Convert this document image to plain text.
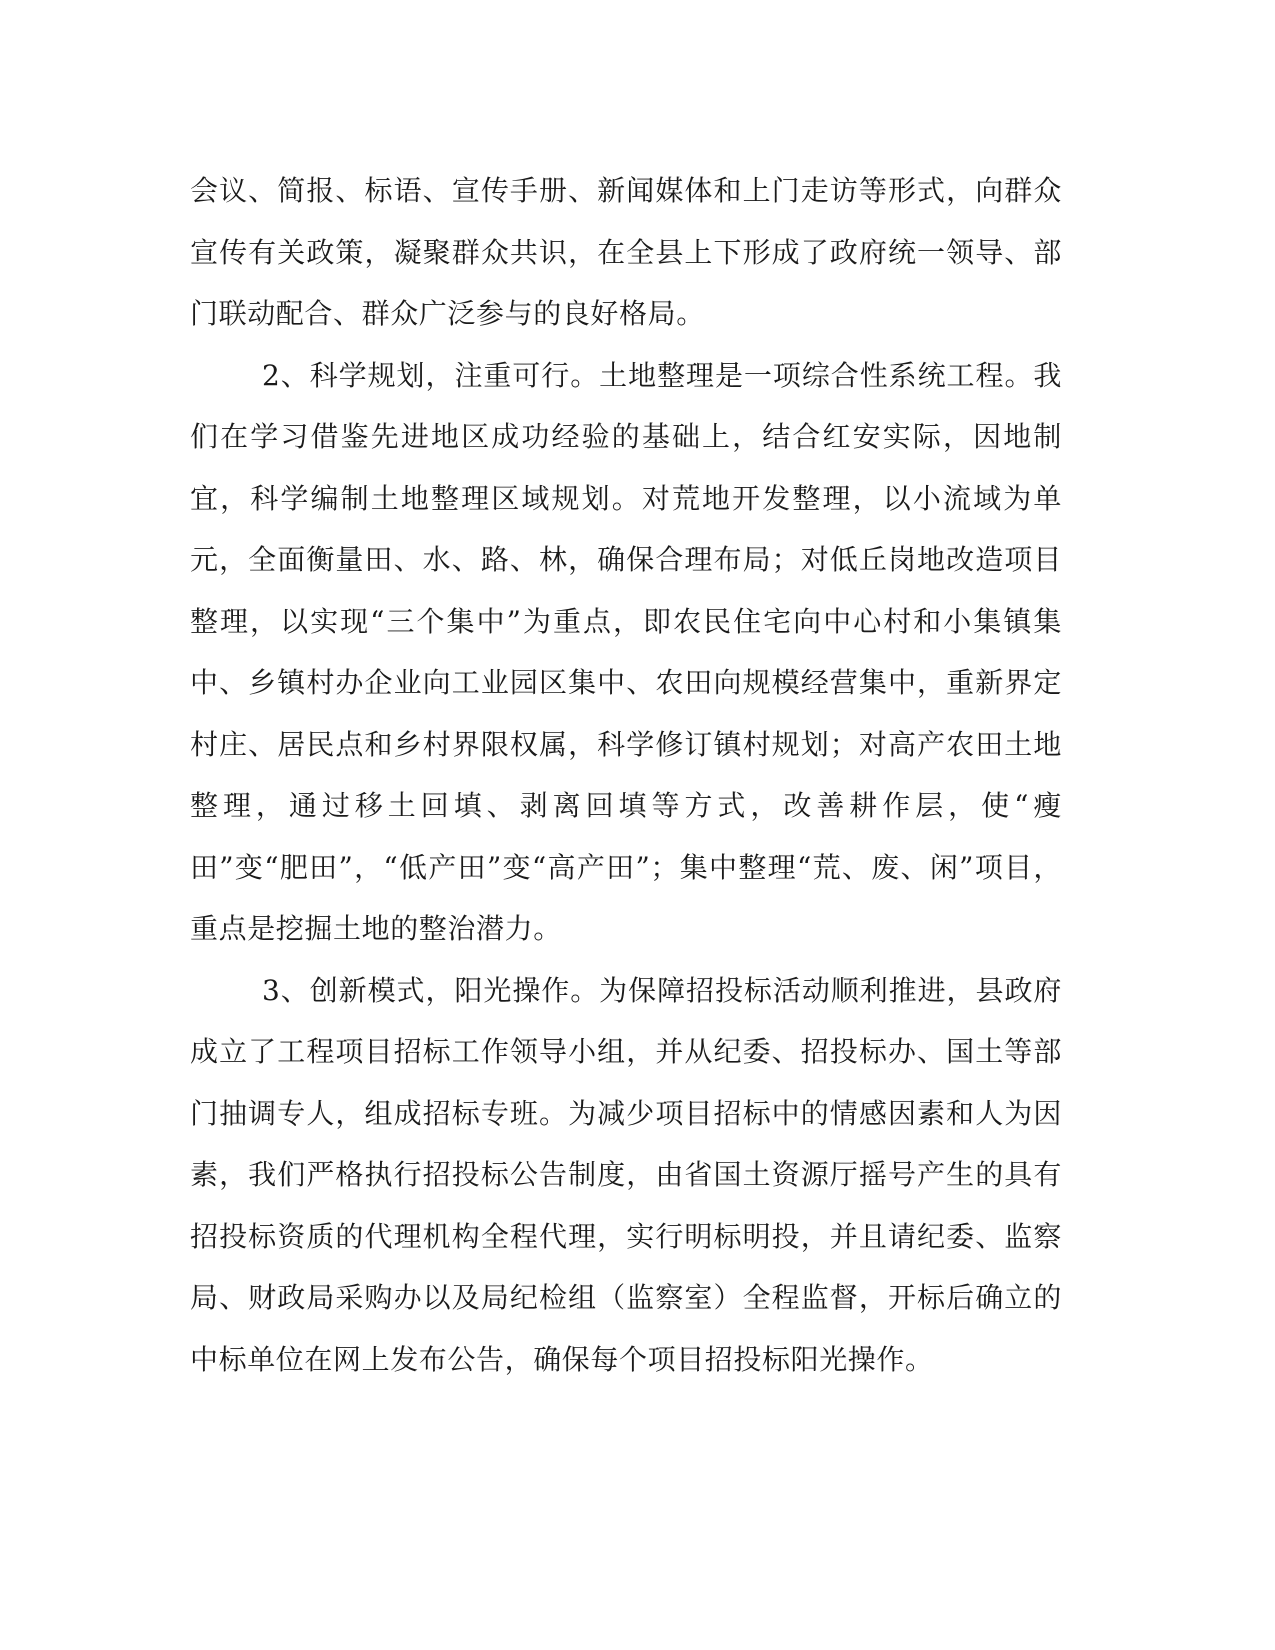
会议、简报、标语、宣传手册、新闻媒体和上门走访等形式，向群众宣传有关政策，凝聚群众共识，在全县上下形成了政府统一领导、部门联动配合、群众广泛参与的良好格局。

2、科学规划，注重可行。土地整理是一项综合性系统工程。我们在学习借鉴先进地区成功经验的基础上，结合红安实际，因地制宜，科学编制土地整理区域规划。对荒地开发整理，以小流域为单元，全面衡量田、水、路、林，确保合理布局；对低丘岗地改造项目整理，以实现“三个集中”为重点，即农民住宅向中心村和小集镇集中、乡镇村办企业向工业园区集中、农田向规模经营集中，重新界定村庄、居民点和乡村界限权属，科学修订镇村规划；对高产农田土地整理，通过移土回填、剥离回填等方式，改善耕作层，使“瘦田”变“肥田”，“低产田”变“高产田”；集中整理“荒、废、闲”项目，重点是挖掘土地的整治潜力。

3、创新模式，阳光操作。为保障招投标活动顺利推进，县政府成立了工程项目招标工作领导小组，并从纪委、招投标办、国土等部门抽调专人，组成招标专班。为减少项目招标中的情感因素和人为因素，我们严格执行招投标公告制度，由省国土资源厅摇号产生的具有招投标资质的代理机构全程代理，实行明标明投，并且请纪委、监察局、财政局采购办以及局纪检组（监察室）全程监督，开标后确立的中标单位在网上发布公告，确保每个项目招投标阳光操作。
